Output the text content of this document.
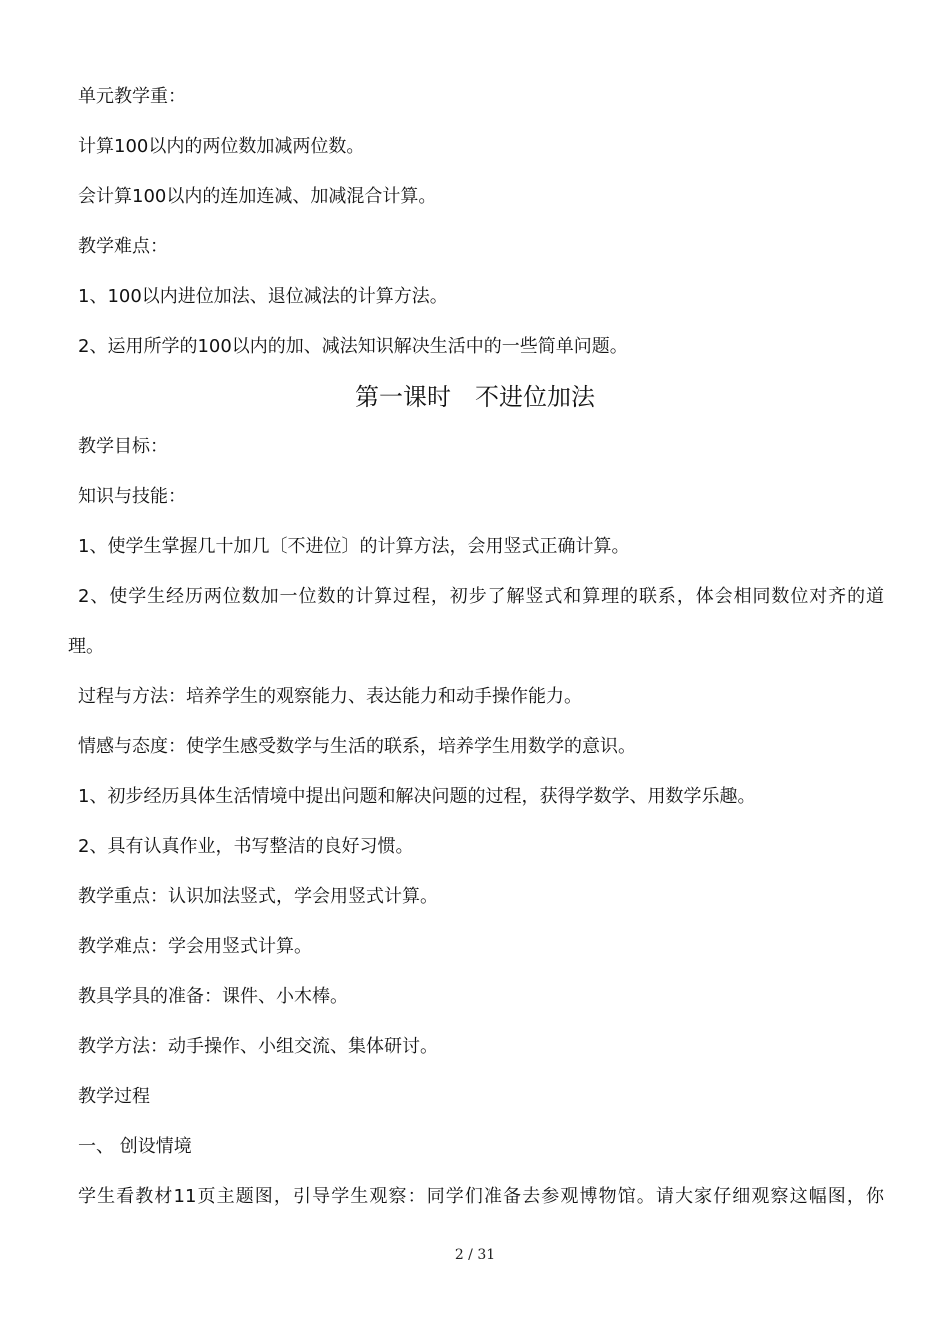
单元教学重：
计算100以内的两位数加减两位数。
会计算100以内的连加连减、加减混合计算。
教学难点：
1、100以内进位加法、退位减法的计算方法。
2、运用所学的100以内的加、减法知识解决生活中的一些简单问题。
第一课时　不进位加法
教学目标：
知识与技能：
1、使学生掌握几十加几〔不进位〕的计算方法，会用竖式正确计算。
2、使学生经历两位数加一位数的计算过程，初步了解竖式和算理的联系，体会相同数位对齐的道
理。
过程与方法：培养学生的观察能力、表达能力和动手操作能力。
情感与态度：使学生感受数学与生活的联系，培养学生用数学的意识。
1、初步经历具体生活情境中提出问题和解决问题的过程，获得学数学、用数学乐趣。
2、具有认真作业，书写整洁的良好习惯。
教学重点：认识加法竖式，学会用竖式计算。
教学难点：学会用竖式计算。
教具学具的准备：课件、小木棒。
教学方法：动手操作、小组交流、集体研讨。
教学过程
一、 创设情境
学生看教材11页主题图，引导学生观察：同学们准备去参观博物馆。请大家仔细观察这幅图，你
2 / 31
